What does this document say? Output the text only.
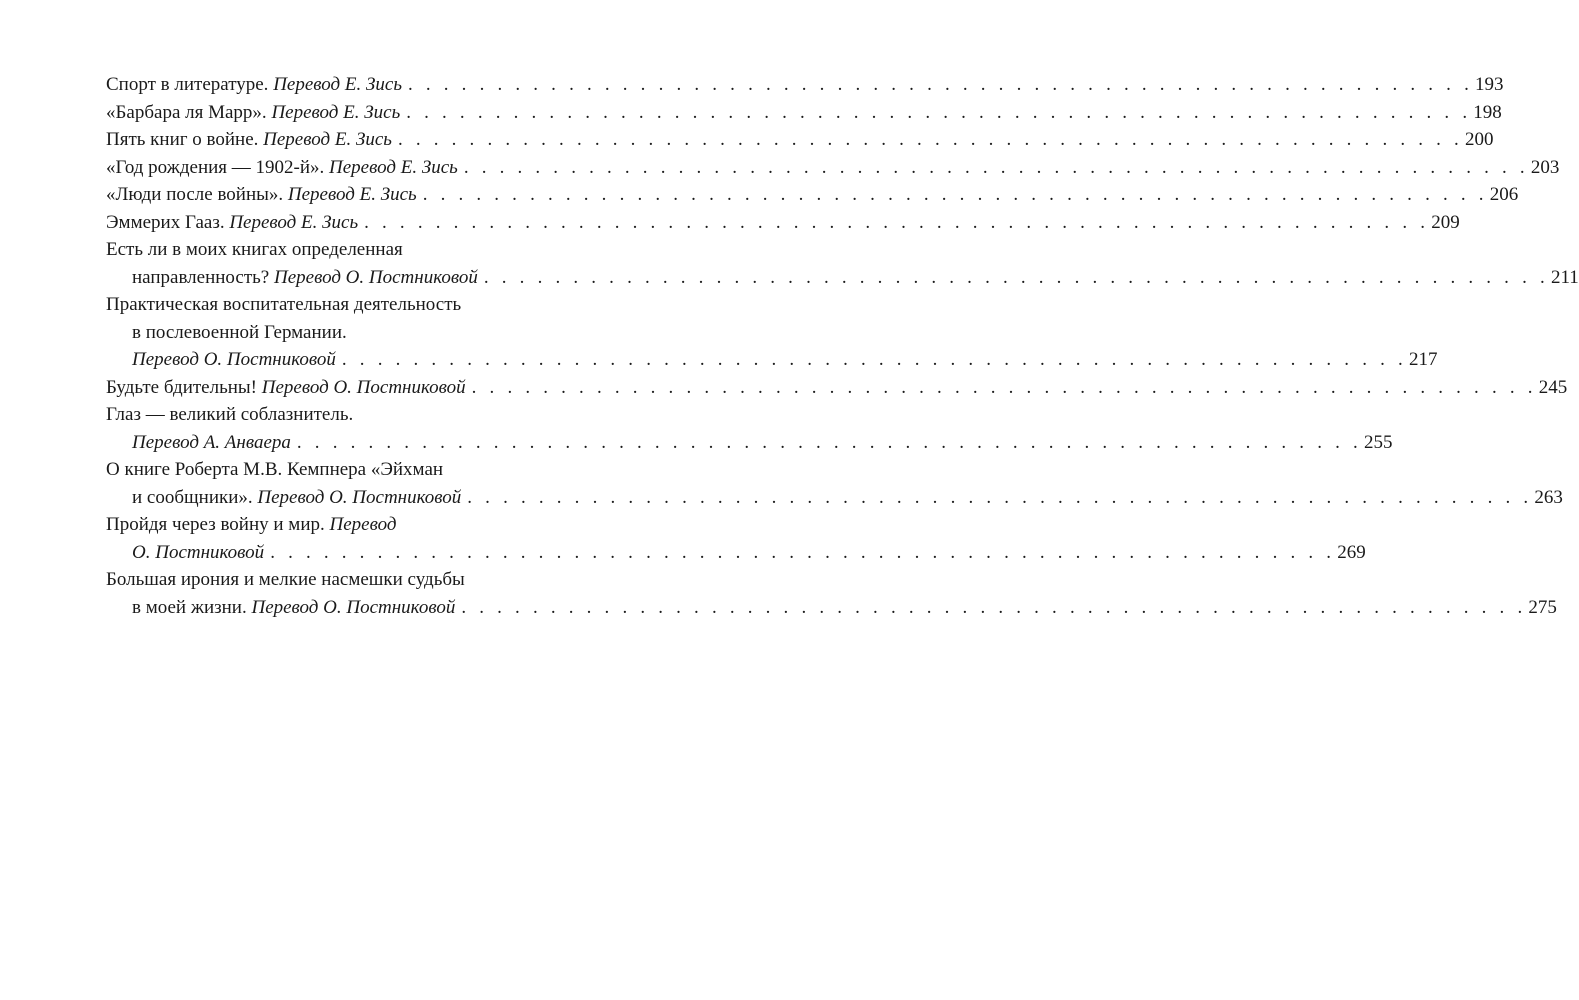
Спорт в литературе. Перевод Е. Зись . . . . . . . . . . . . . . . . . . . . . . . . . . . . . . . . . . . . . . . . . . . . . . . . . . . . . . . . . . . . 193
«Барбара ля Марр». Перевод Е. Зись . . . . . . . . . . . . . . . . . . . . . . . . . . . . . . . . . . . . . . . . . . . . . . . . . . . . . . . . . . . . 198
Пять книг о войне. Перевод Е. Зись . . . . . . . . . . . . . . . . . . . . . . . . . . . . . . . . . . . . . . . . . . . . . . . . . . . . . . . . . . . . 200
«Год рождения — 1902-й». Перевод Е. Зись . . . . . . . . . . . . . . . . . . . . . . . . . . . . . . . . . . . . . . . . . . . . . . . . . . . . . . . . . . . . 203
«Люди после войны». Перевод Е. Зись . . . . . . . . . . . . . . . . . . . . . . . . . . . . . . . . . . . . . . . . . . . . . . . . . . . . . . . . . . . . 206
Эммерих Гааз. Перевод Е. Зись . . . . . . . . . . . . . . . . . . . . . . . . . . . . . . . . . . . . . . . . . . . . . . . . . . . . . . . . . . . . 209
Есть ли в моих книгах определенная
направленность? Перевод О. Постниковой . . . . . . . . . . . . . . . . . . . . . . . . . . . . . . . . . . . . . . . . . . . . . . . . . . . . . . . . . . . . 211
Практическая воспитательная деятельность
в послевоенной Германии.
Перевод О. Постниковой . . . . . . . . . . . . . . . . . . . . . . . . . . . . . . . . . . . . . . . . . . . . . . . . . . . . . . . . . . . . 217
Будьте бдительны! Перевод О. Постниковой . . . . . . . . . . . . . . . . . . . . . . . . . . . . . . . . . . . . . . . . . . . . . . . . . . . . . . . . . . . . 245
Глаз — великий соблазнитель.
Перевод А. Анваера . . . . . . . . . . . . . . . . . . . . . . . . . . . . . . . . . . . . . . . . . . . . . . . . . . . . . . . . . . . . 255
О книге Роберта М.В. Кемпнера «Эйхман
и сообщники». Перевод О. Постниковой . . . . . . . . . . . . . . . . . . . . . . . . . . . . . . . . . . . . . . . . . . . . . . . . . . . . . . . . . . . . 263
Пройдя через войну и мир. Перевод
О. Постниковой . . . . . . . . . . . . . . . . . . . . . . . . . . . . . . . . . . . . . . . . . . . . . . . . . . . . . . . . . . . . 269
Большая ирония и мелкие насмешки судьбы
в моей жизни. Перевод О. Постниковой . . . . . . . . . . . . . . . . . . . . . . . . . . . . . . . . . . . . . . . . . . . . . . . . . . . . . . . . . . . . 275
